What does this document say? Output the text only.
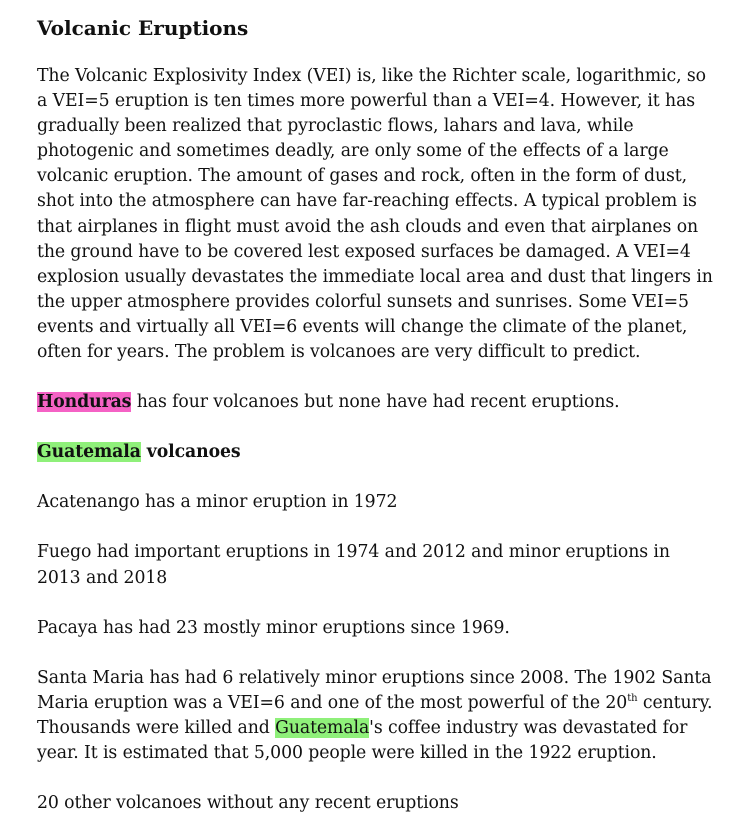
Volcanic Eruptions

The Volcanic Explosivity Index (VEI) is, like the Richter scale, logarithmic, so a VEI=5 eruption is ten times more powerful than a VEI=4. However, it has gradually been realized that pyroclastic flows, lahars and lava, while photogenic and sometimes deadly, are only some of the effects of a large volcanic eruption. The amount of gases and rock, often in the form of dust, shot into the atmosphere can have far-reaching effects. A typical problem is that airplanes in flight must avoid the ash clouds and even that airplanes on the ground have to be covered lest exposed surfaces be damaged. A VEI=4 explosion usually devastates the immediate local area and dust that lingers in the upper atmosphere provides colorful sunsets and sunrises. Some VEI=5 events and virtually all VEI=6 events will change the climate of the planet, often for years. The problem is volcanoes are very difficult to predict.

Honduras has four volcanoes but none have had recent eruptions.

Guatemala volcanoes

Acatenango has a minor eruption in 1972

Fuego had important eruptions in 1974 and 2012 and minor eruptions in 2013 and 2018

Pacaya has had 23 mostly minor eruptions since 1969.

Santa Maria has had 6 relatively minor eruptions since 2008. The 1902 Santa Maria eruption was a VEI=6 and one of the most powerful of the 20th century. Thousands were killed and Guatemala's coffee industry was devastated for year. It is estimated that 5,000 people were killed in the 1922 eruption.

20 other volcanoes without any recent eruptions
